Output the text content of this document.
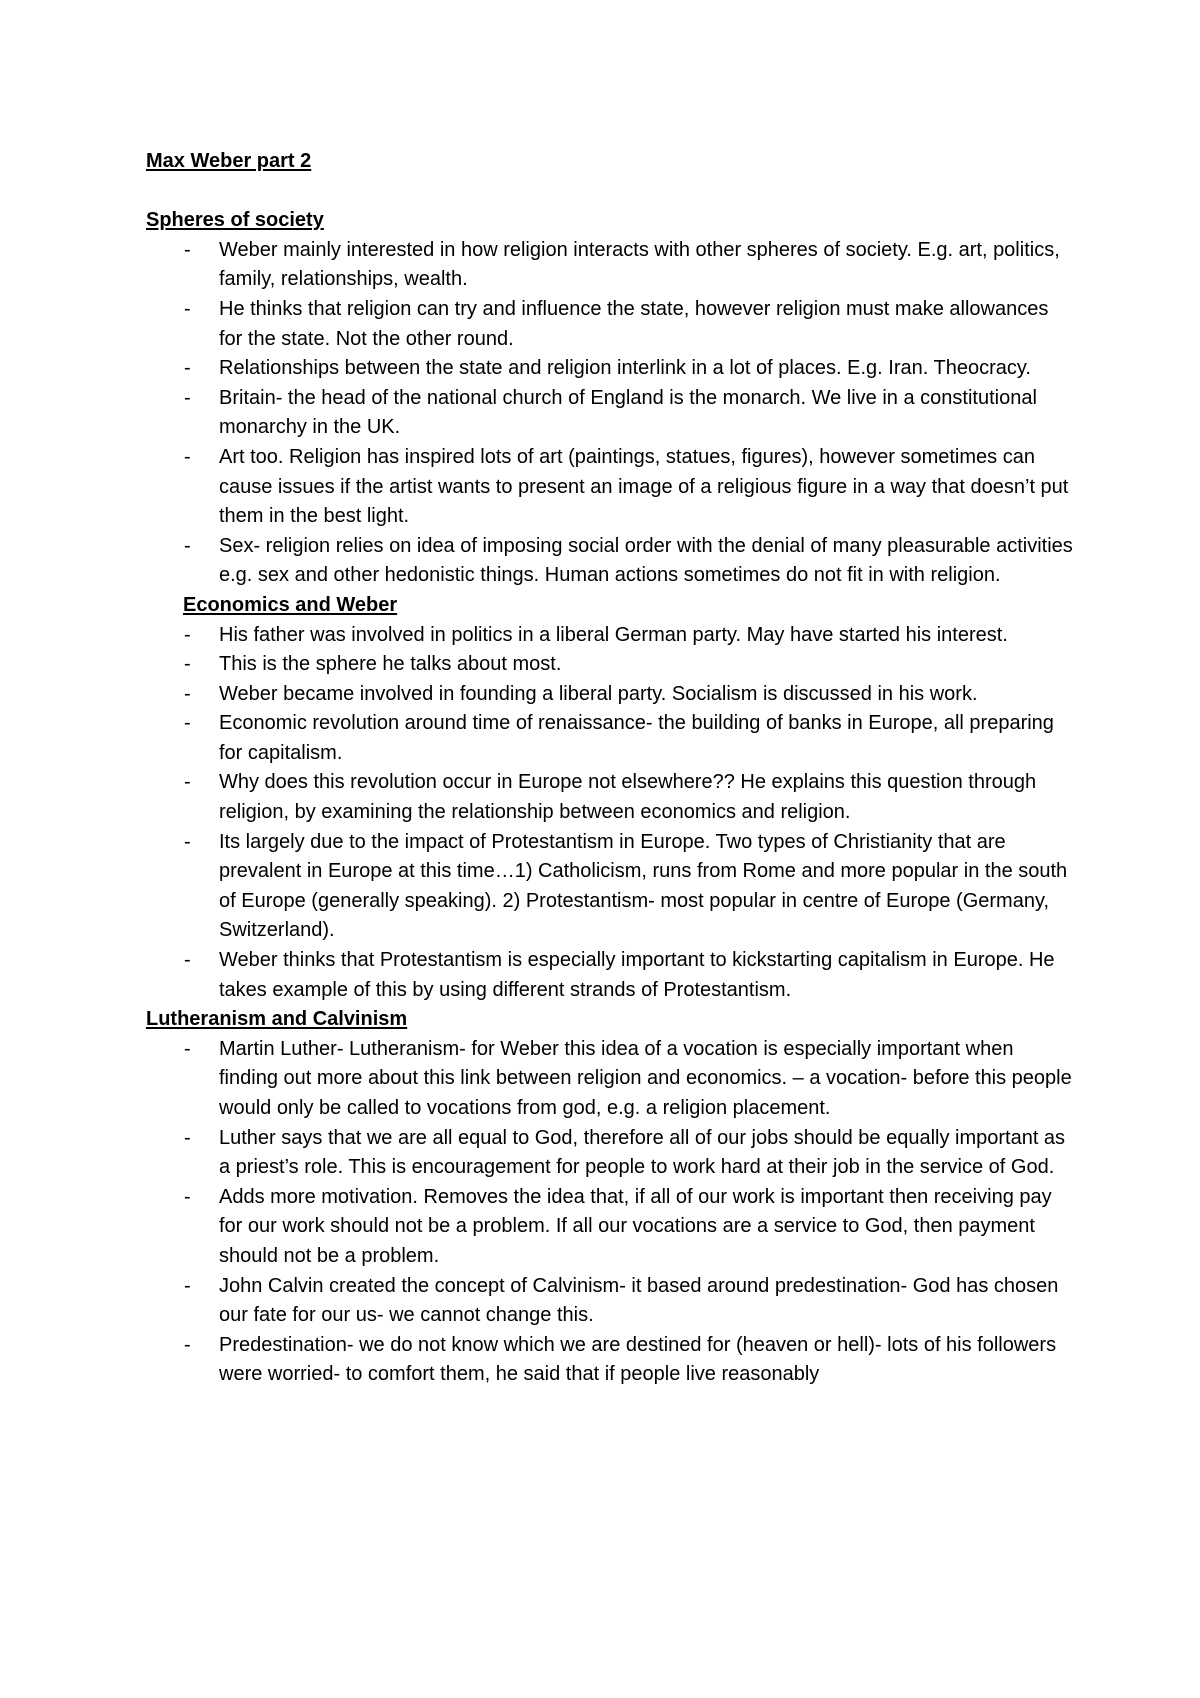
Max Weber part 2
Spheres of society
- Weber mainly interested in how religion interacts with other spheres of society. E.g. art, politics, family, relationships, wealth.
- He thinks that religion can try and influence the state, however religion must make allowances for the state. Not the other round.
- Relationships between the state and religion interlink in a lot of places. E.g. Iran. Theocracy.
- Britain- the head of the national church of England is the monarch. We live in a constitutional monarchy in the UK.
- Art too. Religion has inspired lots of art (paintings, statues, figures), however sometimes can cause issues if the artist wants to present an image of a religious figure in a way that doesn’t put them in the best light.
- Sex- religion relies on idea of imposing social order with the denial of many pleasurable activities e.g. sex and other hedonistic things. Human actions sometimes do not fit in with religion.
Economics and Weber
- His father was involved in politics in a liberal German party. May have started his interest.
- This is the sphere he talks about most.
- Weber became involved in founding a liberal party. Socialism is discussed in his work.
- Economic revolution around time of renaissance- the building of banks in Europe, all preparing for capitalism.
- Why does this revolution occur in Europe not elsewhere?? He explains this question through religion, by examining the relationship between economics and religion.
- Its largely due to the impact of Protestantism in Europe. Two types of Christianity that are prevalent in Europe at this time…1) Catholicism, runs from Rome and more popular in the south of Europe (generally speaking). 2) Protestantism- most popular in centre of Europe (Germany, Switzerland).
- Weber thinks that Protestantism is especially important to kickstarting capitalism in Europe. He takes example of this by using different strands of Protestantism.
Lutheranism and Calvinism
- Martin Luther- Lutheranism- for Weber this idea of a vocation is especially important when finding out more about this link between religion and economics. – a vocation- before this people would only be called to vocations from god, e.g. a religion placement.
- Luther says that we are all equal to God, therefore all of our jobs should be equally important as a priest’s role. This is encouragement for people to work hard at their job in the service of God.
- Adds more motivation. Removes the idea that, if all of our work is important then receiving pay for our work should not be a problem. If all our vocations are a service to God, then payment should not be a problem.
- John Calvin created the concept of Calvinism- it based around predestination- God has chosen our fate for our us- we cannot change this.
- Predestination- we do not know which we are destined for (heaven or hell)- lots of his followers were worried- to comfort them, he said that if people live reasonably
